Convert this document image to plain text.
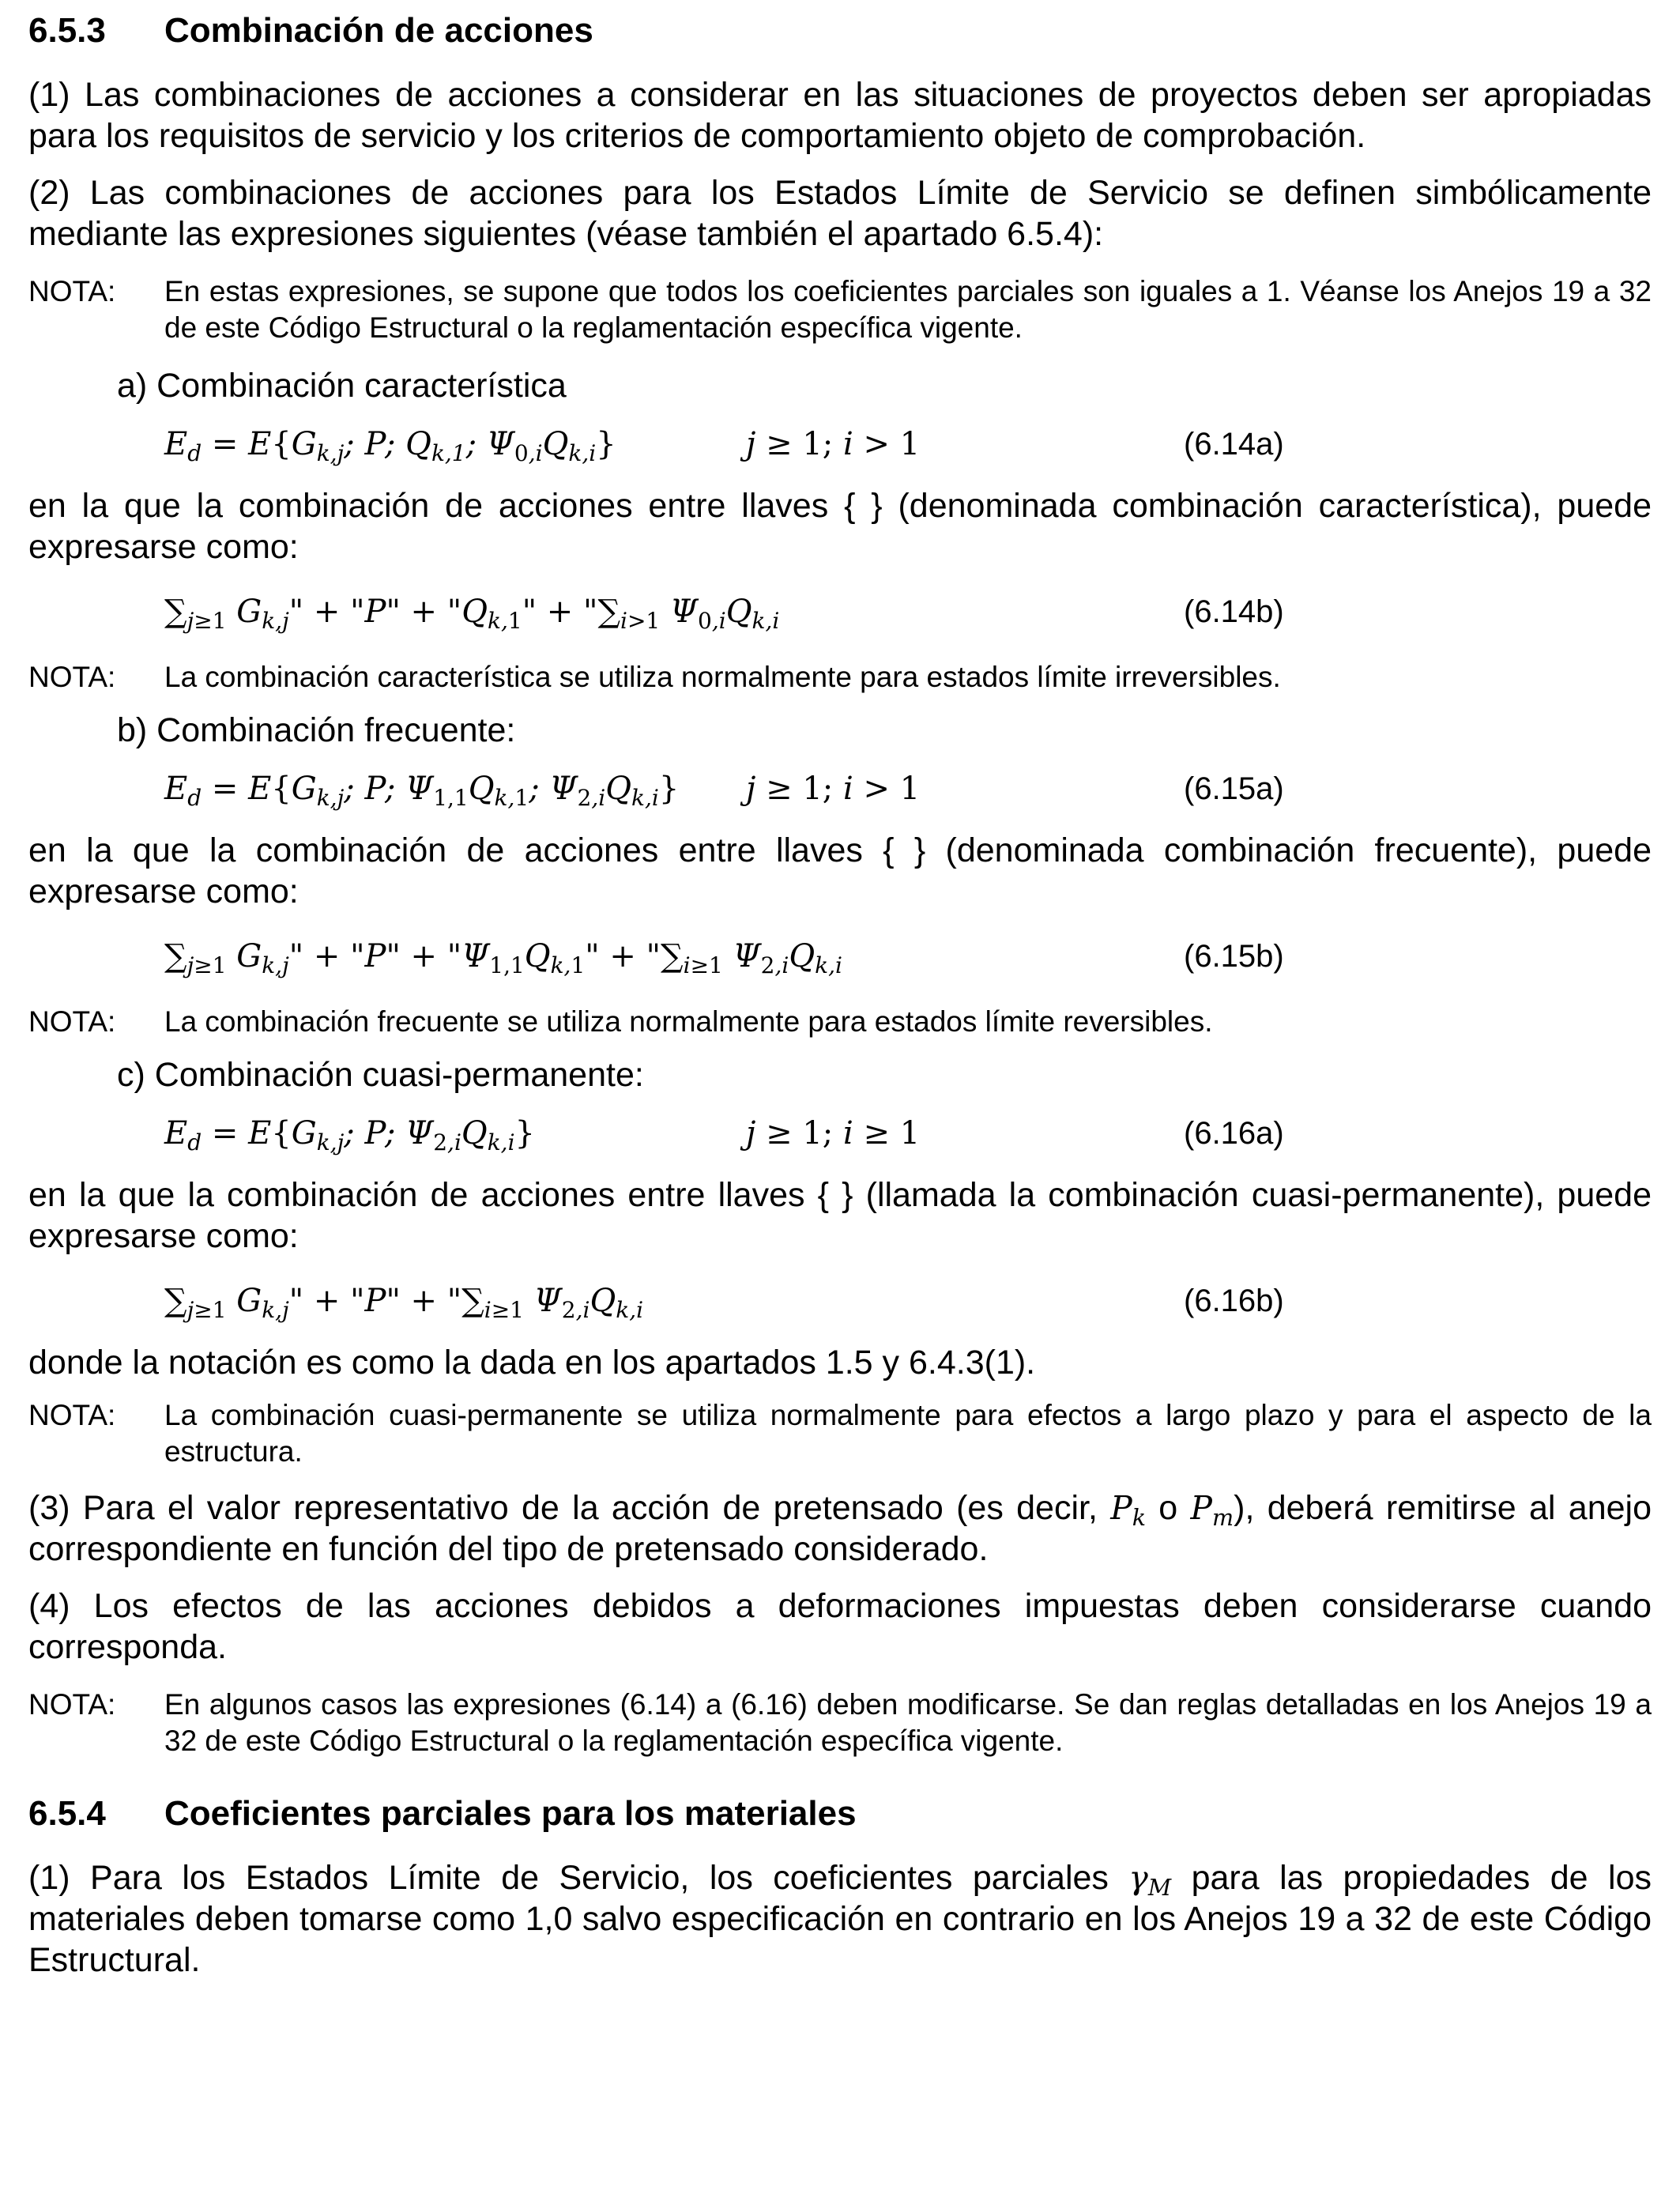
6.5.3 Combinación de acciones
(1) Las combinaciones de acciones a considerar en las situaciones de proyectos deben ser apropiadas para los requisitos de servicio y los criterios de comportamiento objeto de comprobación.
(2) Las combinaciones de acciones para los Estados Límite de Servicio se definen simbólicamente mediante las expresiones siguientes (véase también el apartado 6.5.4):
NOTA: En estas expresiones, se supone que todos los coeficientes parciales son iguales a 1. Véanse los Anejos 19 a 32 de este Código Estructural o la reglamentación específica vigente.
a) Combinación característica
$E_d = E\{G_{k,j}$; P; $Q_{k,1}$; $\Psi_{0,i}Q_{k,i}$}	j ≥ 1; i > 1	(6.14a)
en la que la combinación de acciones entre llaves { } (denominada combinación característica), puede expresarse como:
$\sum_{j\ge 1}$ $G_{k,j}$" + "P" + "$Q_{k,1}$" + "$\sum_{i>1}$ $\Psi_{0,i}Q_{k,i}$	(6.14b)
NOTA: La combinación característica se utiliza normalmente para estados límite irreversibles.
b) Combinación frecuente:
$E_d = E\{G_{k,j}$; P; $\Psi_{1,1}Q_{k,1}$; $\Psi_{2,i}Q_{k,i}$} j ≥ 1; i > 1	(6.15a)
en la que la combinación de acciones entre llaves { } (denominada combinación frecuente), puede expresarse como:
$\sum_{j\ge 1}$ $G_{k,j}$" + "P" + "$\Psi_{1,1}Q_{k,1}$" + "$\sum_{i\ge 1}$ $\Psi_{2,i}Q_{k,i}$	(6.15b)
NOTA: La combinación frecuente se utiliza normalmente para estados límite reversibles.
c) Combinación cuasi-permanente:
$E_d = E\{G_{k,j}$; P; $\Psi_{2,i}Q_{k,i}$}	j ≥ 1; i ≥ 1	(6.16a)
en la que la combinación de acciones entre llaves { } (llamada la combinación cuasi-permanente), puede expresarse como:
$\sum_{j\ge 1}$ $G_{k,j}$" + "P" + "$\sum_{i\ge 1}$ $\Psi_{2,i}Q_{k,i}$	(6.16b)
donde la notación es como la dada en los apartados 1.5 y 6.4.3(1).
NOTA: La combinación cuasi-permanente se utiliza normalmente para efectos a largo plazo y para el aspecto de la estructura.
(3) Para el valor representativo de la acción de pretensado (es decir, $P_k$ o $P_m$), deberá remitirse al anejo correspondiente en función del tipo de pretensado considerado.
(4) Los efectos de las acciones debidos a deformaciones impuestas deben considerarse cuando corresponda.
NOTA: En algunos casos las expresiones (6.14) a (6.16) deben modificarse. Se dan reglas detalladas en los Anejos 19 a 32 de este Código Estructural o la reglamentación específica vigente.
6.5.4 Coeficientes parciales para los materiales
(1) Para los Estados Límite de Servicio, los coeficientes parciales $\gamma_M$ para las propiedades de los materiales deben tomarse como 1,0 salvo especificación en contrario en los Anejos 19 a 32 de este Código Estructural.
